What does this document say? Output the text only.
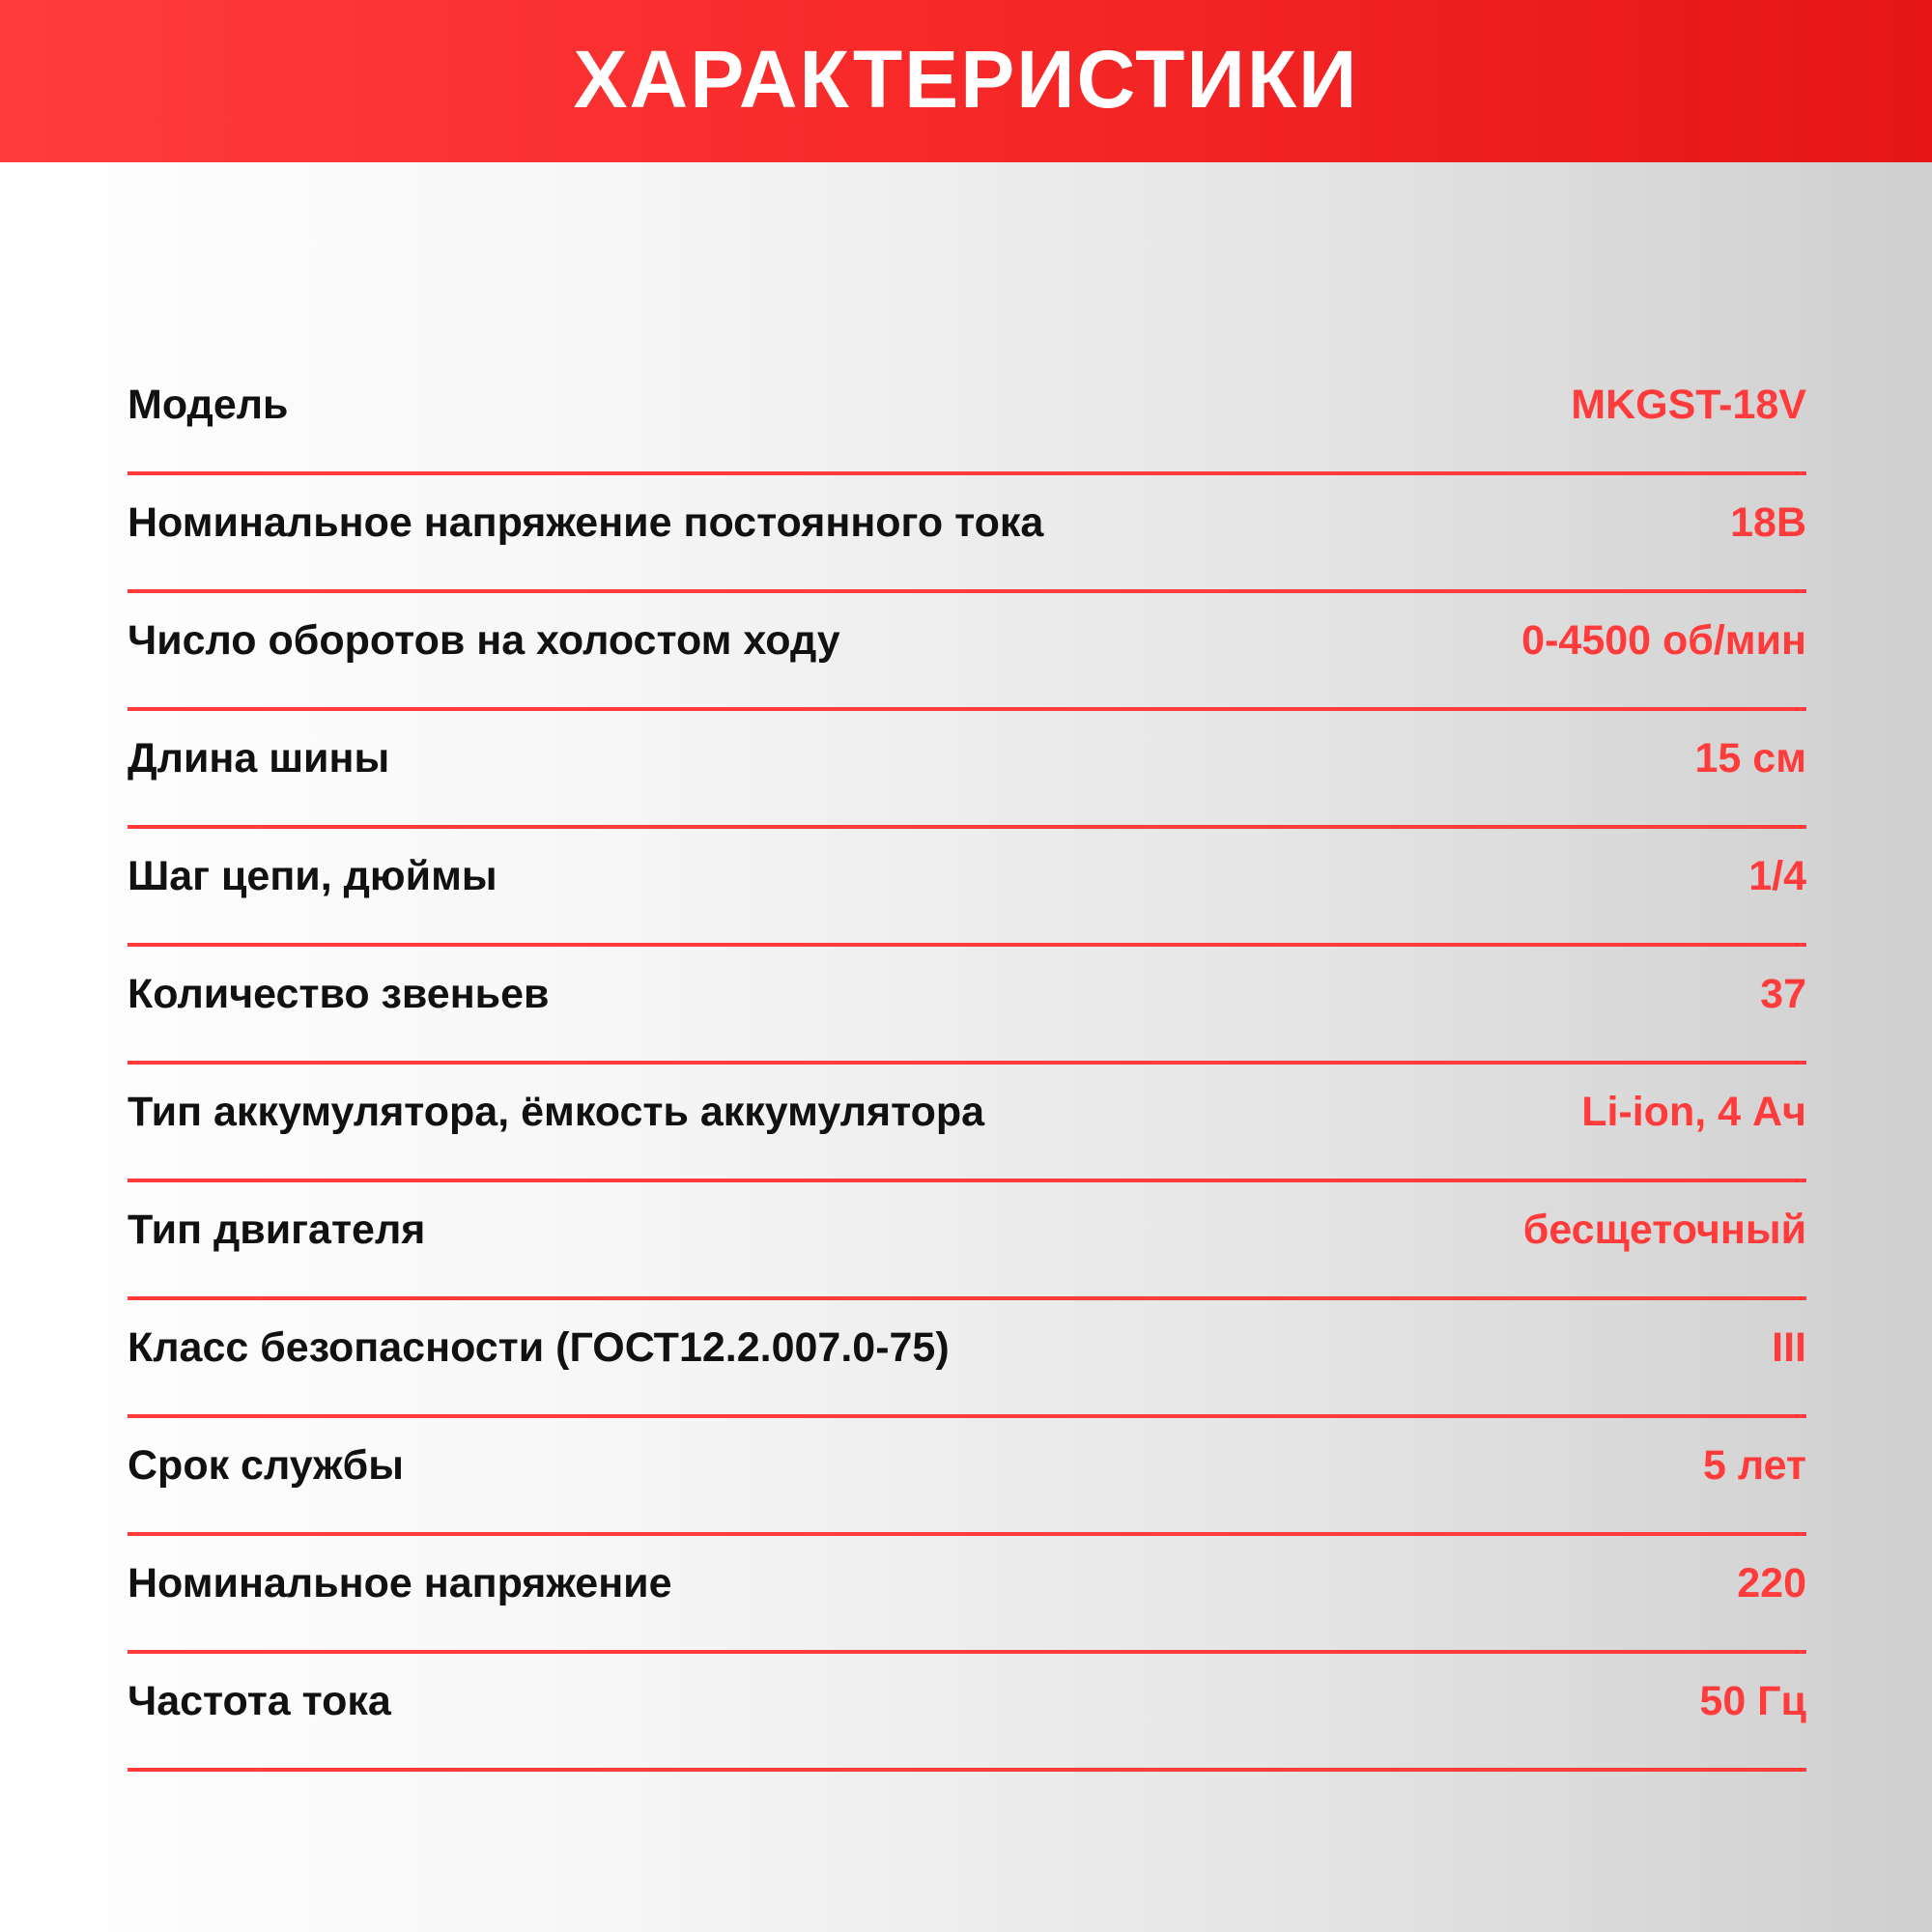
ХАРАКТЕРИСТИКИ
Модель	MKGST-18V
Номинальное напряжение постоянного тока	18В
Число оборотов на холостом ходу	0-4500 об/мин
Длина шины	15 см
Шаг цепи, дюймы	1/4
Количество звеньев	37
Тип аккумулятора, ёмкость аккумулятора	Li-ion, 4 Ач
Тип двигателя	бесщеточный
Класс безопасности (ГОСТ12.2.007.0-75)	III
Срок службы	5 лет
Номинальное напряжение	220
Частота тока	50 Гц
